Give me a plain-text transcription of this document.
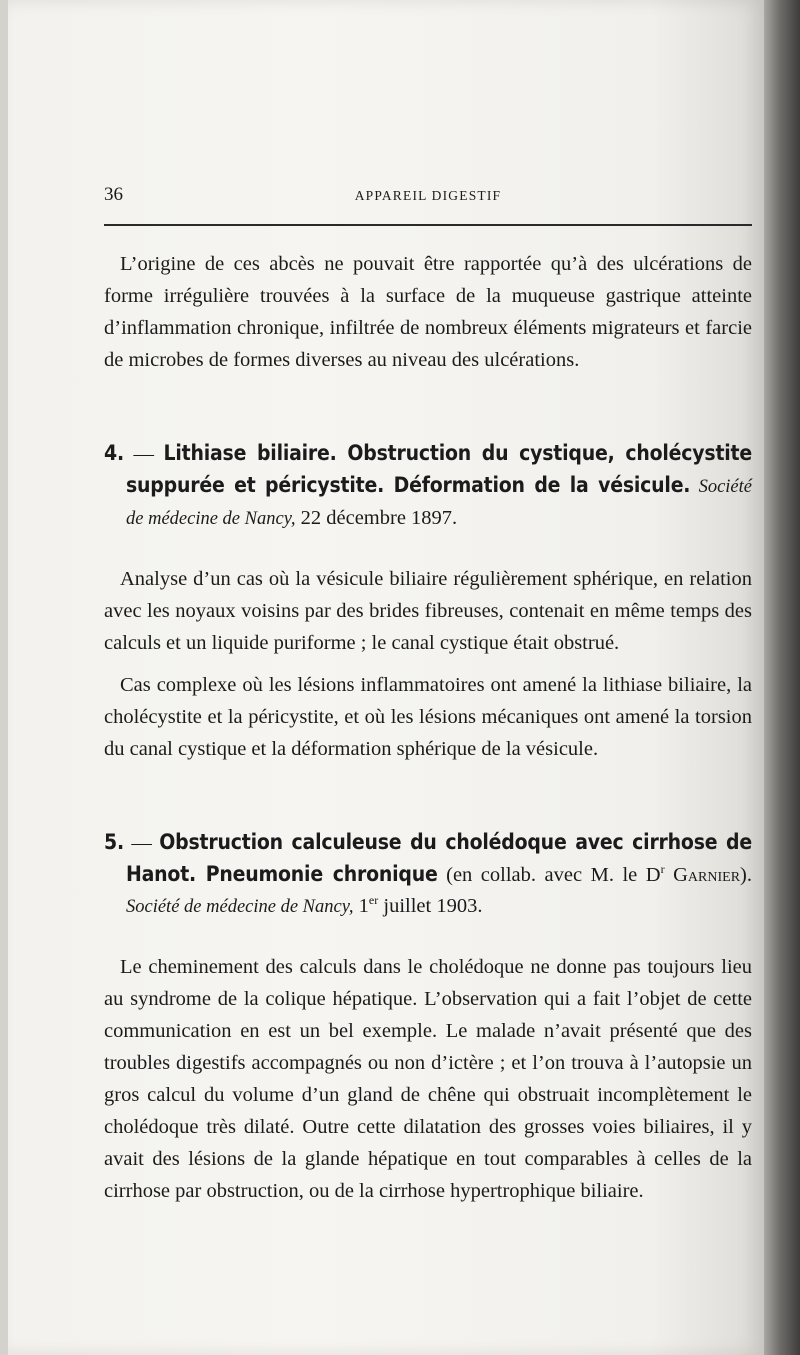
36	APPAREIL DIGESTIF

L’origine de ces abcès ne pouvait être rapportée qu’à des ulcérations de forme irrégulière trouvées à la surface de la muqueuse gastrique atteinte d’inflammation chronique, infiltrée de nombreux éléments migrateurs et farcie de microbes de formes diverses au niveau des ulcérations.

4. — Lithiase biliaire. Obstruction du cystique, cholécystite suppurée et péricystite. Déformation de la vésicule. Société de médecine de Nancy, 22 décembre 1897.

Analyse d’un cas où la vésicule biliaire régulièrement sphérique, en relation avec les noyaux voisins par des brides fibreuses, contenait en même temps des calculs et un liquide puriforme ; le canal cystique était obstrué.

Cas complexe où les lésions inflammatoires ont amené la lithiase biliaire, la cholécystite et la péricystite, et où les lésions mécaniques ont amené la torsion du canal cystique et la déformation sphérique de la vésicule.

5. — Obstruction calculeuse du cholédoque avec cirrhose de Hanot. Pneumonie chronique (en collab. avec M. le $D^r$ Garnier). Société de médecine de Nancy, 1er juillet 1903.

Le cheminement des calculs dans le cholédoque ne donne pas toujours lieu au syndrome de la colique hépatique. L’observation qui a fait l’objet de cette communication en est un bel exemple. Le malade n’avait présenté que des troubles digestifs accompagnés ou non d’ictère ; et l’on trouva à l’autopsie un gros calcul du volume d’un gland de chêne qui obstruait incomplètement le cholédoque très dilaté. Outre cette dilatation des grosses voies biliaires, il y avait des lésions de la glande hépatique en tout comparables à celles de la cirrhose par obstruction, ou de la cirrhose hypertrophique biliaire.
